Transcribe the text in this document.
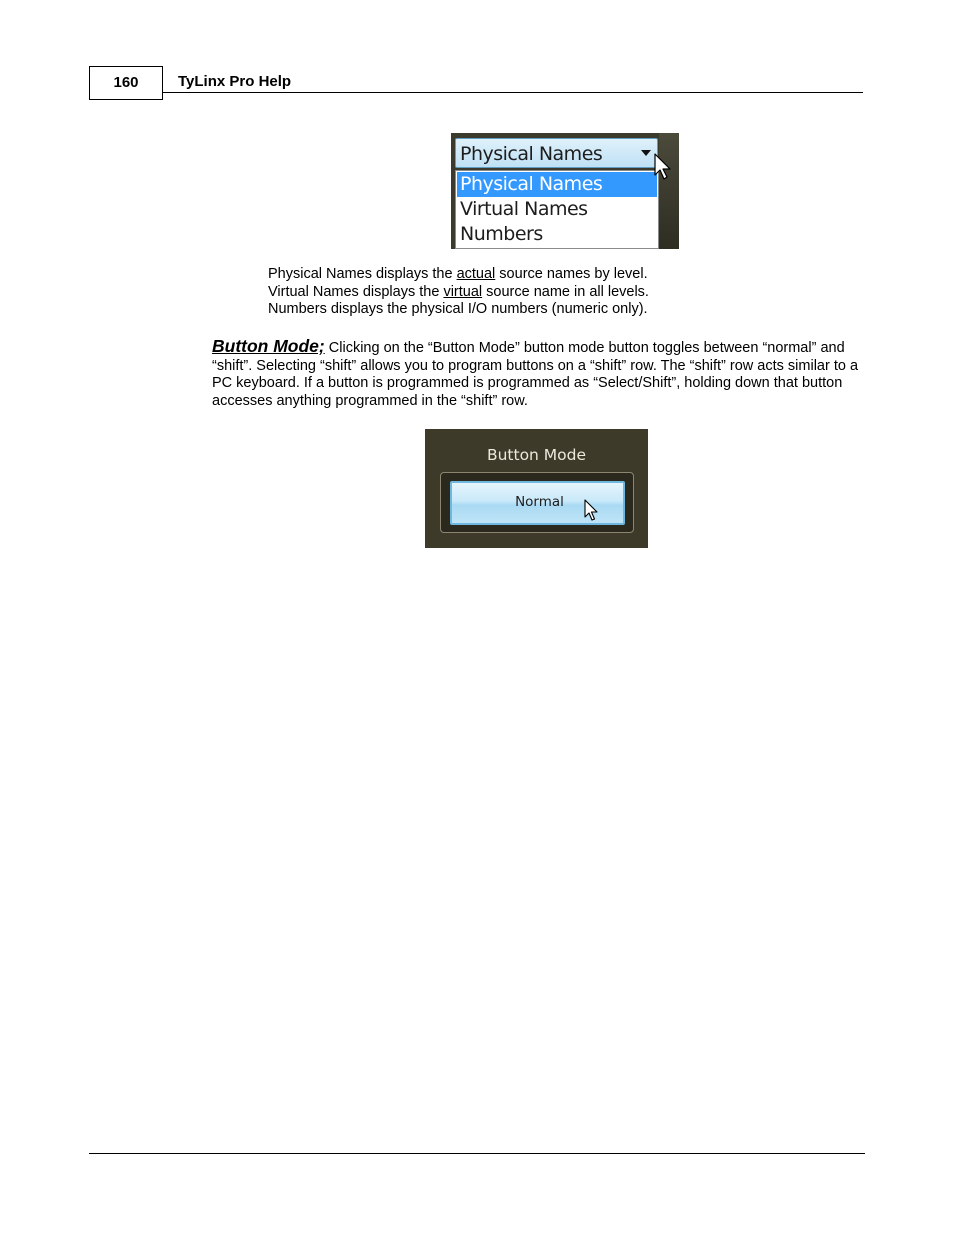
160	TyLinx Pro Help
Physical Names
Physical Names
Virtual Names
Numbers
Physical Names displays the actual source names by level.
Virtual Names displays the virtual source name in all levels.
Numbers displays the physical I/O numbers (numeric only).
Button Mode; Clicking on the “Button Mode” button mode button toggles between “normal” and “shift”. Selecting “shift” allows you to program buttons on a “shift” row. The “shift” row acts similar to a PC keyboard. If a button is programmed is programmed as “Select/Shift”, holding down that button accesses anything programmed in the “shift” row.
Button Mode
Normal
